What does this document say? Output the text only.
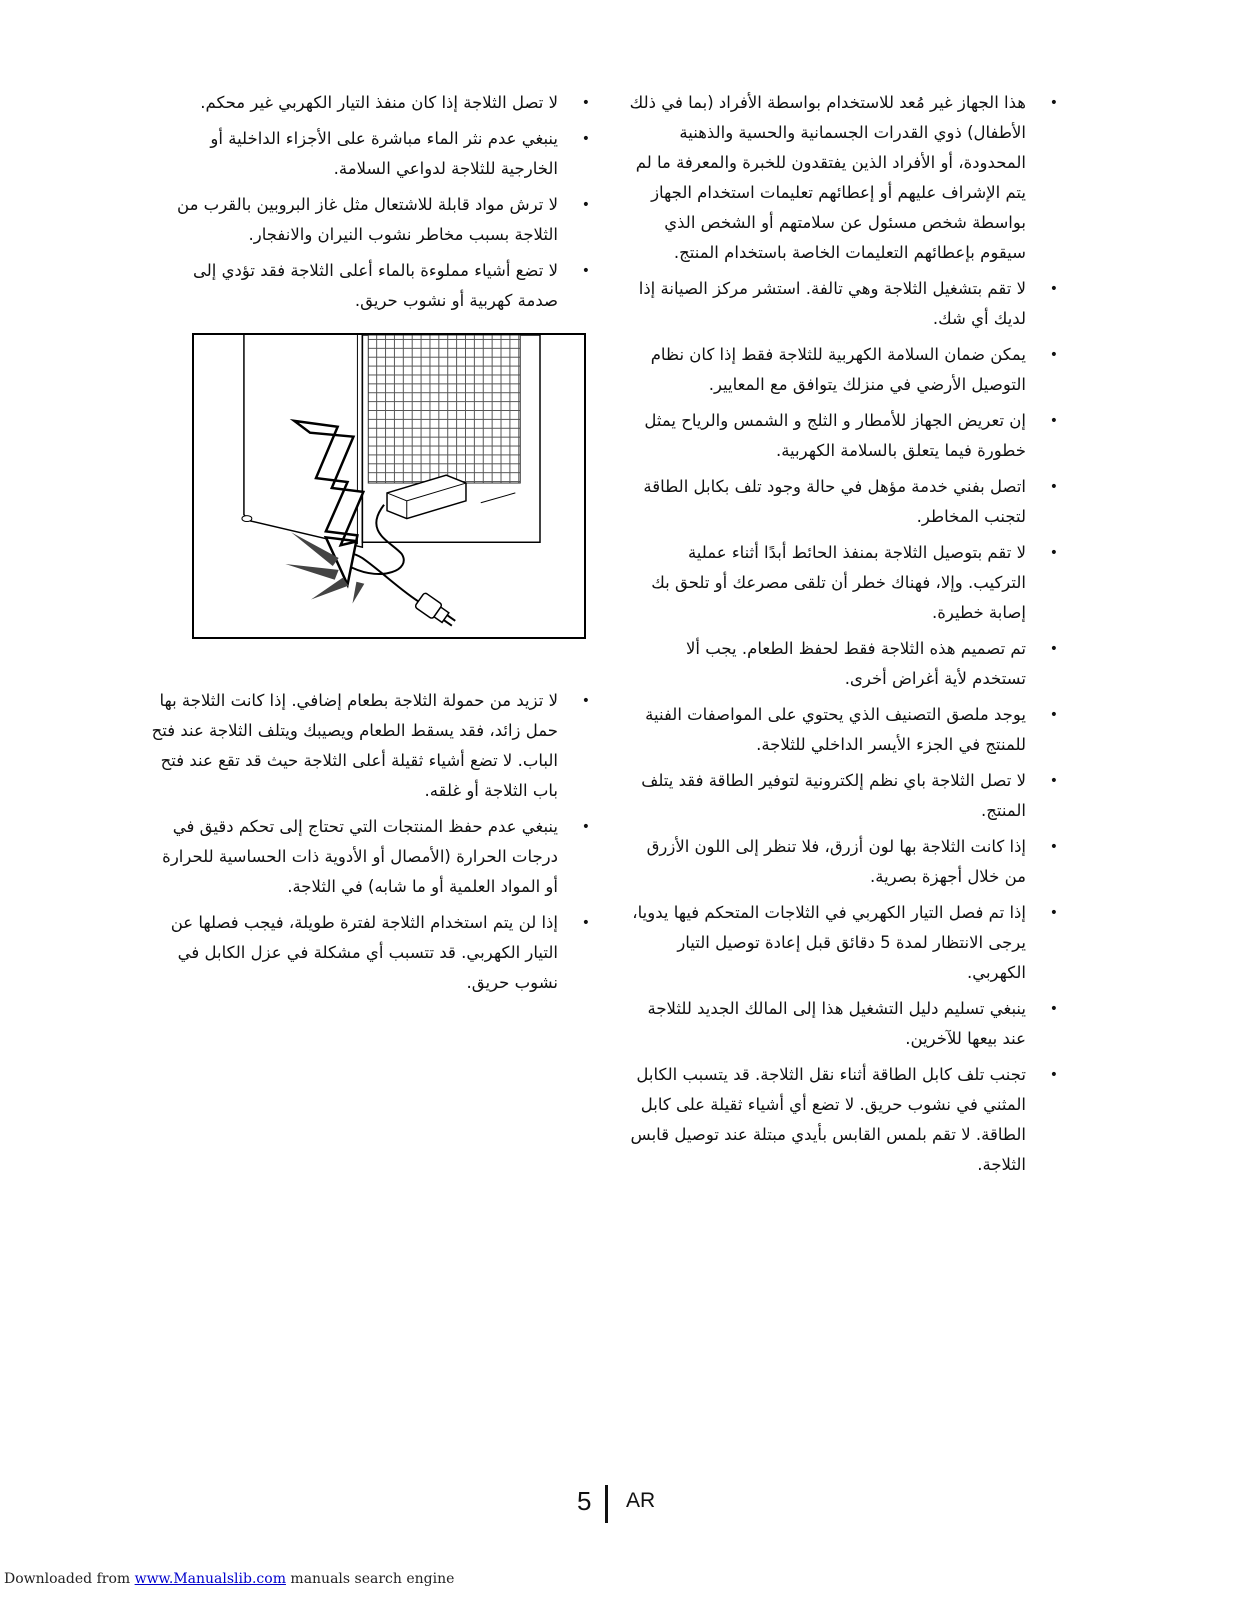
• هذا الجهاز غير مُعد للاستخدام بواسطة الأفراد (بما في ذلك الأطفال) ذوي القدرات الجسمانية والحسية والذهنية المحدودة، أو الأفراد الذين يفتقدون للخبرة والمعرفة ما لم يتم الإشراف عليهم أو إعطائهم تعليمات استخدام الجهاز بواسطة شخص مسئول عن سلامتهم أو الشخص الذي سيقوم بإعطائهم التعليمات الخاصة باستخدام المنتج.
• لا تقم بتشغيل الثلاجة وهي تالفة. استشر مركز الصيانة إذا لديك أي شك.
• يمكن ضمان السلامة الكهربية للثلاجة فقط إذا كان نظام التوصيل الأرضي في منزلك يتوافق مع المعايير.
• إن تعريض الجهاز للأمطار و الثلج و الشمس والرياح يمثل خطورة فيما يتعلق بالسلامة الكهربية.
• اتصل بفني خدمة مؤهل في حالة وجود تلف بكابل الطاقة لتجنب المخاطر.
• لا تقم بتوصيل الثلاجة بمنفذ الحائط أبدًا أثناء عملية التركيب. وإلا، فهناك خطر أن تلقى مصرعك أو تلحق بك إصابة خطيرة.
• تم تصميم هذه الثلاجة فقط لحفظ الطعام. يجب ألا تستخدم لأية أغراض أخرى.
• يوجد ملصق التصنيف الذي يحتوي على المواصفات الفنية للمنتج في الجزء الأيسر الداخلي للثلاجة.
• لا تصل الثلاجة باي نظم إلكترونية لتوفير الطاقة فقد يتلف المنتج.
• إذا كانت الثلاجة بها لون أزرق، فلا تنظر إلى اللون الأزرق من خلال أجهزة بصرية.
• إذا تم فصل التيار الكهربي في الثلاجات المتحكم فيها يدويا، يرجى الانتظار لمدة 5 دقائق قبل إعادة توصيل التيار الكهربي.
• ينبغي تسليم دليل التشغيل هذا إلى المالك الجديد للثلاجة عند بيعها للآخرين.
• تجنب تلف كابل الطاقة أثناء نقل الثلاجة. قد يتسبب الكابل المثني في نشوب حريق. لا تضع أي أشياء ثقيلة على كابل الطاقة. لا تقم بلمس القابس بأيدي مبتلة عند توصيل قابس الثلاجة.
• لا تصل الثلاجة إذا كان منفذ التيار الكهربي غير محكم.
• ينبغي عدم نثر الماء مباشرة على الأجزاء الداخلية أو الخارجية للثلاجة لدواعي السلامة.
• لا ترش مواد قابلة للاشتعال مثل غاز البروبين بالقرب من الثلاجة بسبب مخاطر نشوب النيران والانفجار.
• لا تضع أشياء مملوءة بالماء أعلى الثلاجة فقد تؤدي إلى صدمة كهربية أو نشوب حريق.
• لا تزيد من حمولة الثلاجة بطعام إضافي. إذا كانت الثلاجة بها حمل زائد، فقد يسقط الطعام ويصيبك ويتلف الثلاجة عند فتح الباب. لا تضع أشياء ثقيلة أعلى الثلاجة حيث قد تقع عند فتح باب الثلاجة أو غلقه.
• ينبغي عدم حفظ المنتجات التي تحتاج إلى تحكم دقيق في درجات الحرارة (الأمصال أو الأدوية ذات الحساسية للحرارة أو المواد العلمية أو ما شابه) في الثلاجة.
• إذا لن يتم استخدام الثلاجة لفترة طويلة، فيجب فصلها عن التيار الكهربي. قد تتسبب أي مشكلة في عزل الكابل في نشوب حريق.
5 AR
Downloaded from www.Manualslib.com manuals search engine
